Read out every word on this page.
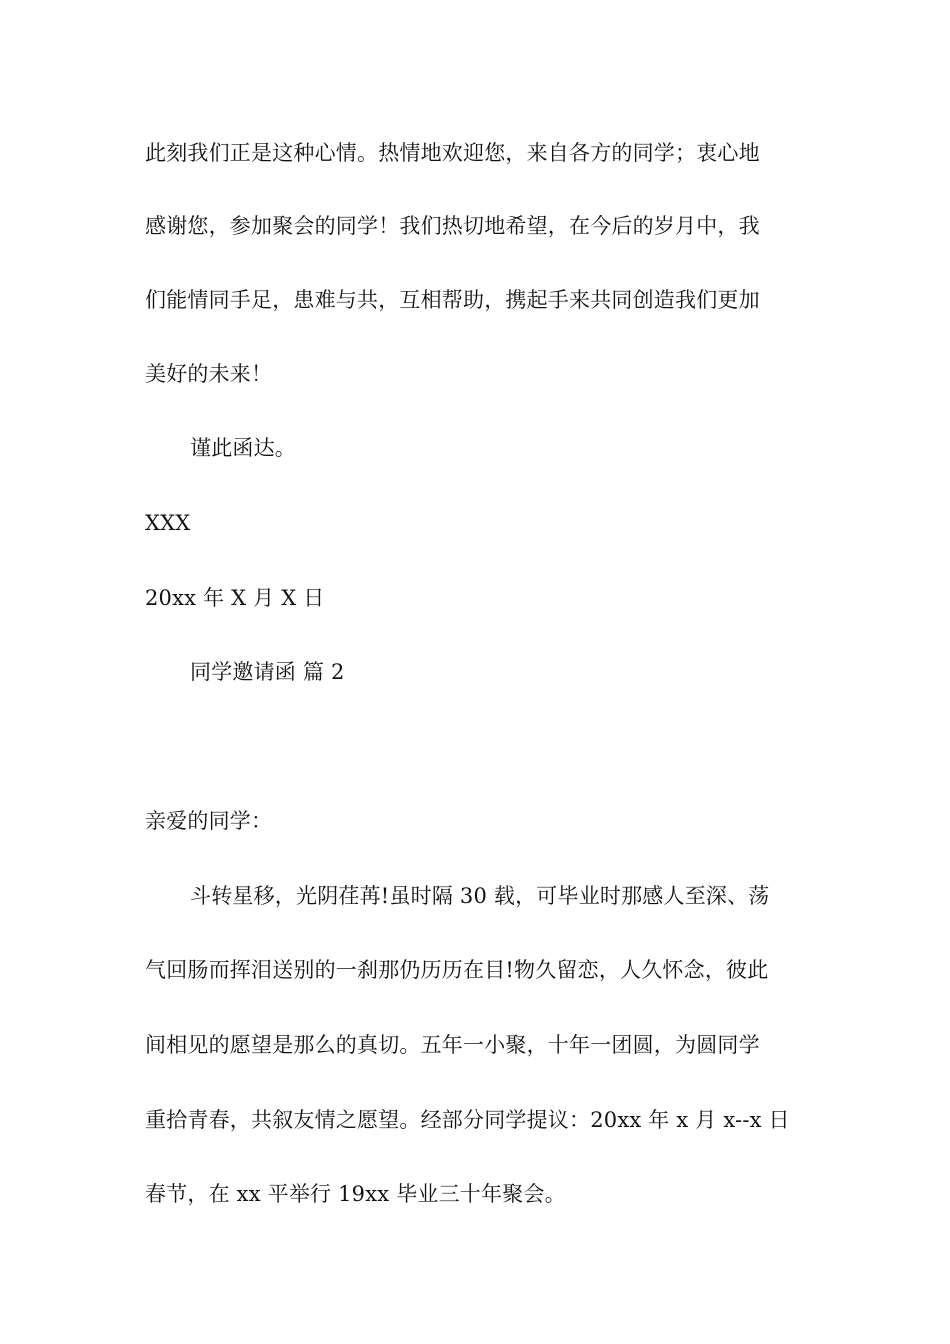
此刻我们正是这种心情。热情地欢迎您，来自各方的同学；衷心地
感谢您，参加聚会的同学！我们热切地希望，在今后的岁月中，我
们能情同手足，患难与共，互相帮助，携起手来共同创造我们更加
美好的未来！
谨此函达。
XXX
20xx 年 X 月 X 日
同学邀请函 篇 2
亲爱的同学：
斗转星移，光阴荏苒!虽时隔 30 载，可毕业时那感人至深、荡
气回肠而挥泪送别的一刹那仍历历在目!物久留恋，人久怀念，彼此
间相见的愿望是那么的真切。五年一小聚，十年一团圆，为圆同学
重拾青春，共叙友情之愿望。经部分同学提议：20xx 年 x 月 x--x 日
春节，在 xx 平举行 19xx 毕业三十年聚会。
